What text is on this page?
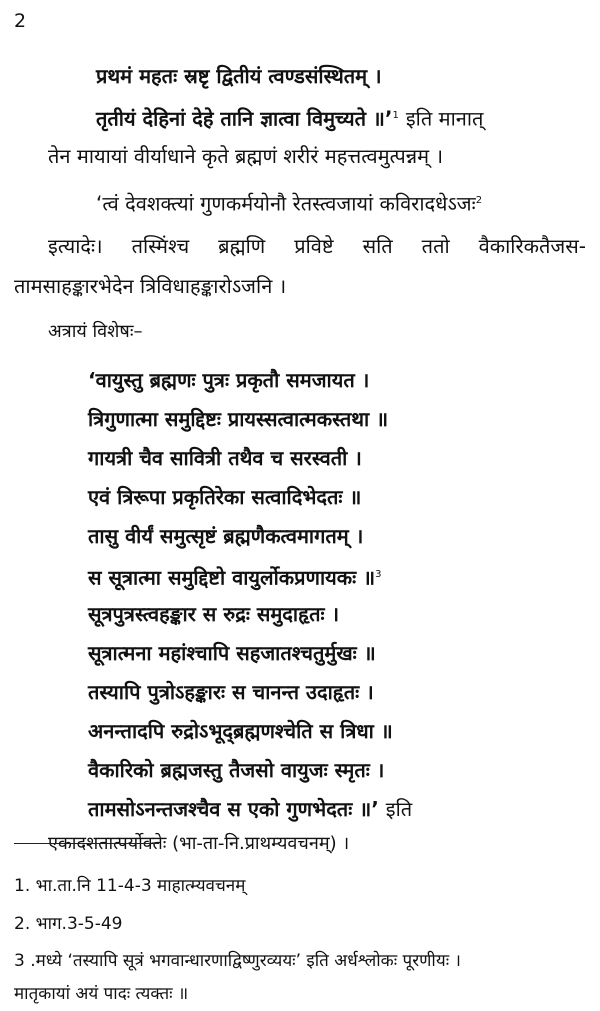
2
प्रथमं महतः स्रष्टृ द्वितीयं त्वण्डसंस्थितम् ।
तृतीयं देहिनां देहे तानि ज्ञात्वा विमुच्यते ॥’$^1$ इति मानात्
तेन मायायां वीर्याधाने कृते ब्रह्मणं शरीरं महत्तत्वमुत्पन्नम् ।
‘त्वं देवशक्त्यां गुणकर्मयोनौ रेतस्त्वजायां कविरादधेऽजः$^2$
इत्यादेः। तस्मिंश्च ब्रह्मणि प्रविष्टे सति ततो वैकारिकतैजस-
तामसाहङ्कारभेदेन त्रिविधाहङ्कारोऽजनि ।
अत्रायं विशेषः–
‘वायुस्तु ब्रह्मणः पुत्रः प्रकृतौ समजायत ।
त्रिगुणात्मा समुद्दिष्टः प्रायस्सत्वात्मकस्तथा ॥
गायत्री चैव सावित्री तथैव च सरस्वती ।
एवं त्रिरूपा प्रकृतिरेका सत्वादिभेदतः ॥
तासु वीर्यं समुत्सृष्टं ब्रह्मणैकत्वमागतम् ।
स सूत्रात्मा समुद्दिष्टो वायुर्लोकप्रणायकः ॥$^3$
सूत्रपुत्रस्त्वहङ्कार स रुद्रः समुदाहृतः ।
सूत्रात्मना महांश्चापि सहजातश्चतुर्मुखः ॥
तस्यापि पुत्रोऽहङ्कारः स चानन्त उदाहृतः ।
अनन्तादपि रुद्रोऽभूद्ब्रह्मणश्चेति स त्रिधा ॥
वैकारिको ब्रह्मजस्तु तैजसो वायुजः स्मृतः ।
तामसोऽनन्तजश्चैव स एको गुणभेदतः ॥’ इति
एकादशतात्पर्योक्तेः (भा-ता-नि.प्राथम्यवचनम्) ।
1. भा.ता.नि 11-4-3 माहात्म्यवचनम्
2. भाग.3-5-49
3 .मध्ये ‘तस्यापि सूत्रं भगवान्धारणाद्विष्णुरव्ययः’ इति अर्धश्लोकः पूरणीयः ।
मातृकायां अयं पादः त्यक्तः ॥
